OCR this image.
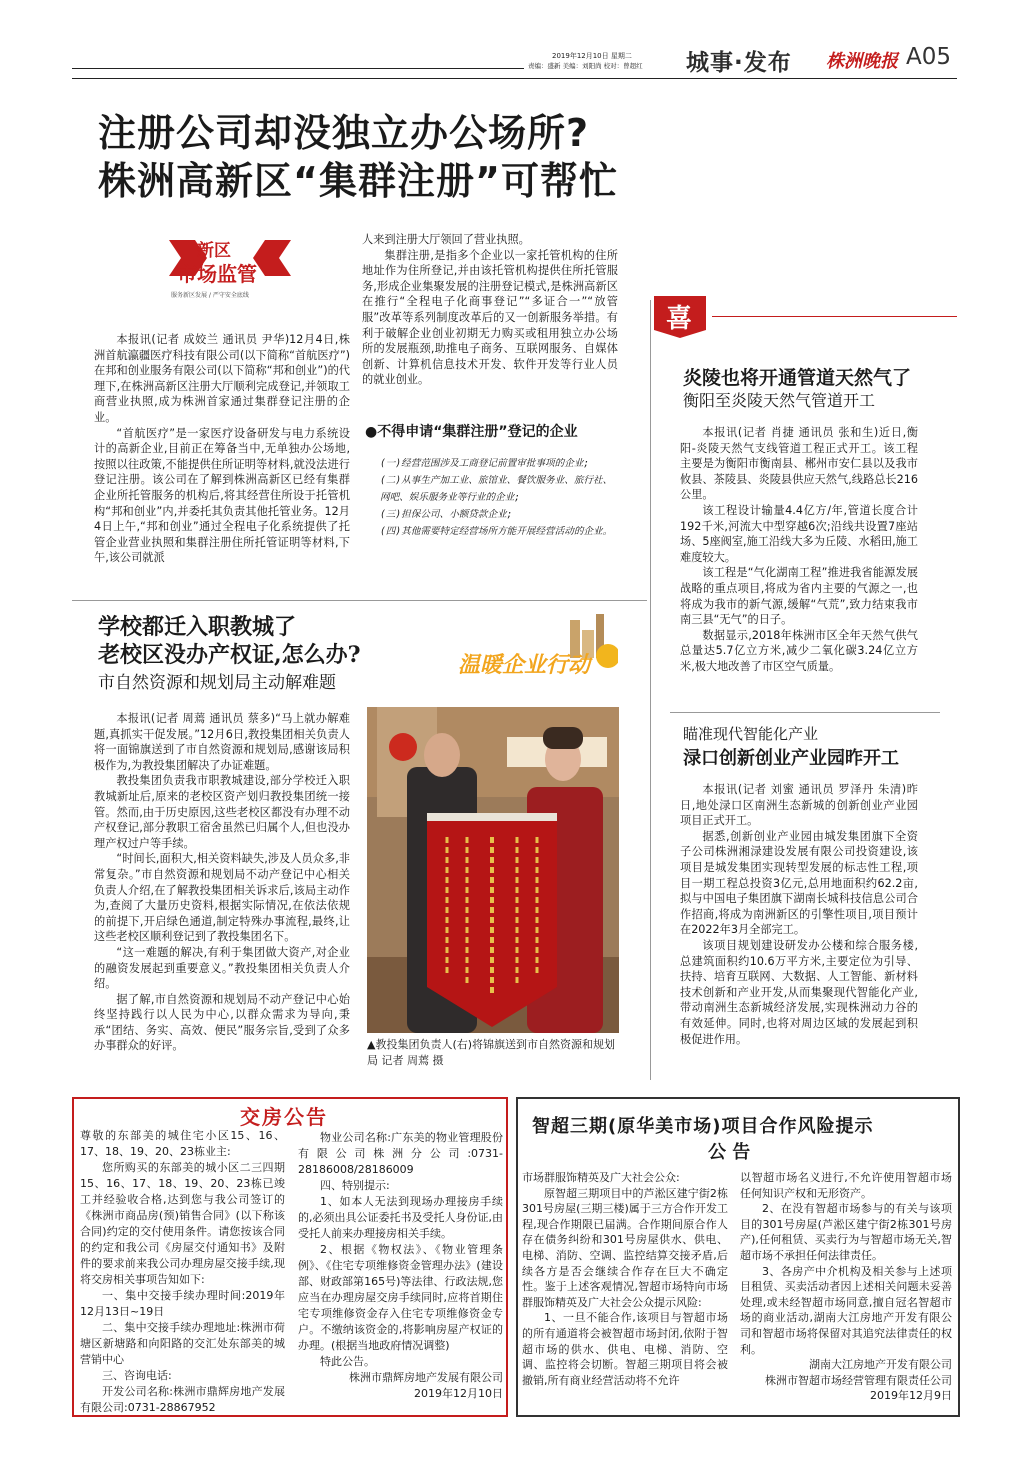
2019年12月10日 星期二
责编：盛新 美编：刘阳尚 校对：曾超红	城事·发布 株洲晚报 A05
注册公司却没独立办公场所?
株洲高新区“集群注册”可帮忙
新区
市场监管
服务新区发展 / 严守安全底线

本报讯(记者 成姣兰 通讯员 尹华)12月4日,株洲首航瀛疆医疗科技有限公司(以下简称“首航医疗”)在邦和创业服务有限公司(以下简称“邦和创业”)的代理下,在株洲高新区注册大厅顺利完成登记,并领取工商营业执照,成为株洲首家通过集群登记注册的企业。

“首航医疗”是一家医疗设备研发与电力系统设计的高新企业,目前正在筹备当中,无单独办公场地,按照以往政策,不能提供住所证明等材料,就没法进行登记注册。该公司在了解到株洲高新区已经有集群企业所托管服务的机构后,将其经营住所设于托管机构“邦和创业”内,并委托其负责其他托管业务。12月4日上午,“邦和创业”通过全程电子化系统提供了托管企业营业执照和集群注册住所托管证明等材料,下午,该公司就派

人来到注册大厅领回了营业执照。

集群注册,是指多个企业以一家托管机构的住所地址作为住所登记,并由该托管机构提供住所托管服务,形成企业集聚发展的注册登记模式,是株洲高新区在推行“全程电子化商事登记”“多证合一”“放管服”改革等系列制度改革后的又一创新服务举措。有利于破解企业创业初期无力购买或租用独立办公场所的发展瓶颈,助推电子商务、互联网服务、自媒体创新、计算机信息技术开发、软件开发等行业人员的就业创业。

●不得申请“集群注册”登记的企业
(一)经营范围涉及工商登记前置审批事项的企业;
(二)从事生产加工业、旅馆业、餐饮服务业、旅行社、网吧、娱乐服务业等行业的企业;
(三)担保公司、小额贷款企业;
(四)其他需要特定经营场所方能开展经营活动的企业。
学校都迁入职教城了
老校区没办产权证,怎么办?
市自然资源和规划局主动解难题
温暖企业行动

本报讯(记者 周蔫 通讯员 蔡多)“马上就办解难题,真抓实干促发展。”12月6日,教投集团相关负责人将一面锦旗送到了市自然资源和规划局,感谢该局积极作为,为教投集团解决了办证难题。

教投集团负责我市职教城建设,部分学校迁入职教城新址后,原来的老校区资产划归教投集团统一接管。然而,由于历史原因,这些老校区都没有办理不动产权登记,部分教职工宿舍虽然已归属个人,但也没办理产权过户等手续。

“时间长,面积大,相关资料缺失,涉及人员众多,非常复杂。”市自然资源和规划局不动产登记中心相关负责人介绍,在了解教投集团相关诉求后,该局主动作为,查阅了大量历史资料,根据实际情况,在依法依规的前提下,开启绿色通道,制定特殊办事流程,最终,让这些老校区顺利登记到了教投集团名下。

“这一难题的解决,有利于集团做大资产,对企业的融资发展起到重要意义。”教投集团相关负责人介绍。

据了解,市自然资源和规划局不动产登记中心始终坚持践行以人民为中心,以群众需求为导向,秉承“团结、务实、高效、便民”服务宗旨,受到了众多办事群众的好评。	▲教投集团负责人(右)将锦旗送到市自然资源和规划局 记者 周蔫 摄
喜
炎陵也将开通管道天然气了
衡阳至炎陵天然气管道开工

本报讯(记者 肖捷 通讯员 张和生)近日,衡阳-炎陵天然气支线管道工程正式开工。该工程主要是为衡阳市衡南县、郴州市安仁县以及我市攸县、茶陵县、炎陵县供应天然气,线路总长216公里。

该工程设计输量4.4亿方/年,管道长度合计192千米,河流大中型穿越6次;沿线共设置7座站场、5座阀室,施工沿线大多为丘陵、水稻田,施工难度较大。

该工程是“气化湖南工程”推进我省能源发展战略的重点项目,将成为省内主要的气源之一,也将成为我市的新气源,缓解“气荒”,致力结束我市南三县“无气”的日子。

数据显示,2018年株洲市区全年天然气供气总量达5.7亿立方米,减少二氧化碳3.24亿立方米,极大地改善了市区空气质量。

瞄准现代智能化产业
渌口创新创业产业园昨开工

本报讯(记者 刘蜜 通讯员 罗泽丹 朱清)昨日,地处渌口区南洲生态新城的创新创业产业园项目正式开工。

据悉,创新创业产业园由城发集团旗下全资子公司株洲湘渌建设发展有限公司投资建设,该项目是城发集团实现转型发展的标志性工程,项目一期工程总投资3亿元,总用地面积约62.2亩,拟与中国电子集团旗下湖南长城科技信息公司合作招商,将成为南洲新区的引擎性项目,项目预计在2022年3月全部完工。

该项目规划建设研发办公楼和综合服务楼,总建筑面积约10.6万平方米,主要定位为引导、扶持、培育互联网、大数据、人工智能、新材料技术创新和产业开发,从而集聚现代智能化产业,带动南洲生态新城经济发展,实现株洲动力谷的有效延伸。同时,也将对周边区域的发展起到积极促进作用。

交房公告
尊敬的东部美的城住宅小区15、16、17、18、19、20、23栋业主:
您所购买的东部美的城小区二三四期15、16、17、18、19、20、23栋已竣工并经验收合格,达到您与我公司签订的《株洲市商品房(预)销售合同》(以下称该合同)约定的交付使用条件。请您按该合同的约定和我公司《房屋交付通知书》及附件的要求前来我公司办理房屋交接手续,现将交房相关事项告知如下:
一、集中交接手续办理时间:2019年12月13日~19日
二、集中交接手续办理地址:株洲市荷塘区新塘路和向阳路的交汇处东部美的城营销中心
三、咨询电话:
开发公司名称:株洲市鼎辉房地产发展有限公司:0731-28867952
物业公司名称:广东美的物业管理股份有限公司株洲分公司:0731-28186008/28186009
四、特别提示:
1、如本人无法到现场办理接房手续的,必须出具公证委托书及受托人身份证,由受托人前来办理接房相关手续。
2、根据《物权法》、《物业管理条例》、《住宅专项维修资金管理办法》(建设部、财政部第165号)等法律、行政法规,您应当在办理房屋交房手续同时,应将首期住宅专项维修资金存入住宅专项维修资金专户。不缴纳该资金的,将影响房屋产权证的办理。(根据当地政府情况调整)
特此公告。
株洲市鼎辉房地产发展有限公司
2019年12月10日
智超三期(原华美市场)项目合作风险提示
公 告
市场群服饰精英及广大社会公众:
原智超三期项目中的芦淞区建宁街2栋301号房屋(三期三楼)属于三方合作开发工程,现合作期限已届满。合作期间原合作人存在债务纠纷和301号房屋供水、供电、电梯、消防、空调、监控结算交接矛盾,后续各方是否会继续合作存在巨大不确定性。鉴于上述客观情况,智超市场特向市场群服饰精英及广大社会公众提示风险:
1、一旦不能合作,该项目与智超市场的所有通道将会被智超市场封闭,依附于智超市场的供水、供电、电梯、消防、空调、监控将会切断。智超三期项目将会被撤销,所有商业经营活动将不允许
以智超市场名义进行,不允许使用智超市场任何知识产权和无形资产。
2、在没有智超市场参与的有关与该项目的301号房屋(芦淞区建宁街2栋301号房产),任何租赁、买卖行为与智超市场无关,智超市场不承担任何法律责任。
3、各房产中介机构及相关参与上述项目租赁、买卖活动者因上述相关问题未妥善处理,或未经智超市场同意,擅自冠名智超市场的商业活动,湖南大江房地产开发有限公司和智超市场将保留对其追究法律责任的权利。
湖南大江房地产开发有限公司
株洲市智超市场经营管理有限责任公司
2019年12月9日
